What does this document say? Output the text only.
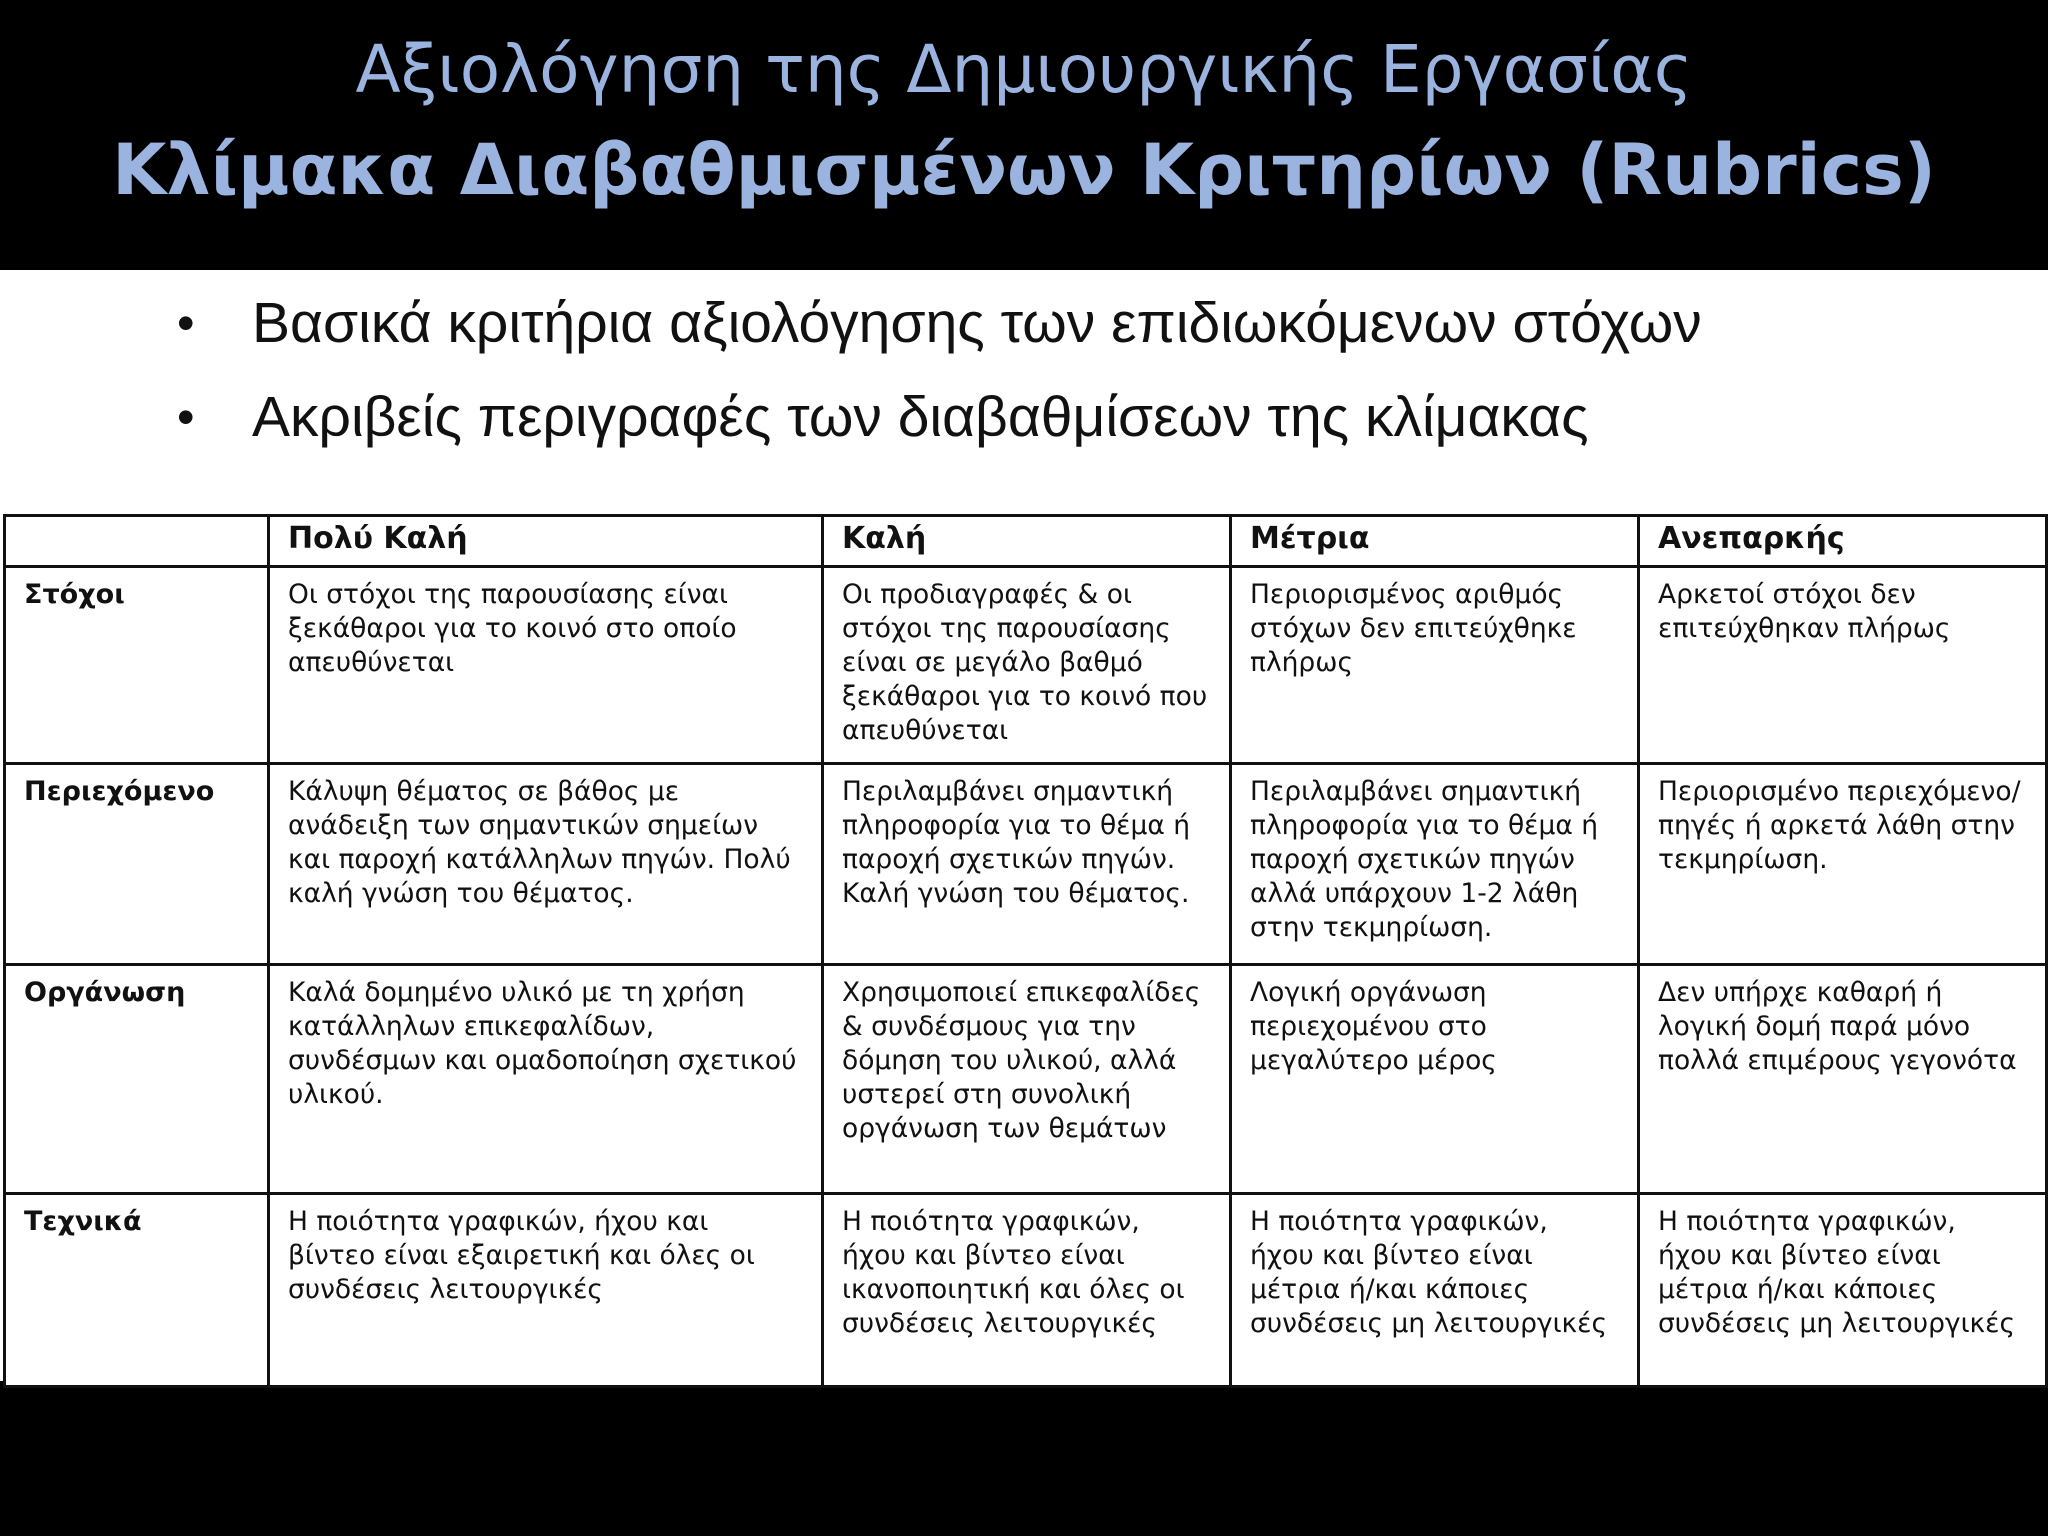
Αξιολόγηση της Δημιουργικής Εργασίας
Κλίμακα Διαβαθμισμένων Κριτηρίων (Rubrics)
• Βασικά κριτήρια αξιολόγησης των επιδιωκόμενων στόχων
• Ακριβείς περιγραφές των διαβαθμίσεων της κλίμακας
	Πολύ Καλή	Καλή	Μέτρια	Ανεπαρκής
Στόχοι	Οι στόχοι της παρουσίασης είναι ξεκάθαροι για το κοινό στο οποίο απευθύνεται	Οι προδιαγραφές & οι στόχοι της παρουσίασης είναι σε μεγάλο βαθμό ξεκάθαροι για το κοινό που απευθύνεται	Περιορισμένος αριθμός στόχων δεν επιτεύχθηκε πλήρως	Αρκετοί στόχοι δεν επιτεύχθηκαν πλήρως
Περιεχόμενο	Κάλυψη θέματος σε βάθος με ανάδειξη των σημαντικών σημείων και παροχή κατάλληλων πηγών. Πολύ καλή γνώση του θέματος.	Περιλαμβάνει σημαντική πληροφορία για το θέμα ή παροχή σχετικών πηγών. Καλή γνώση του θέματος.	Περιλαμβάνει σημαντική πληροφορία για το θέμα ή παροχή σχετικών πηγών αλλά υπάρχουν 1-2 λάθη στην τεκμηρίωση.	Περιορισμένο περιεχόμενο/πηγές ή αρκετά λάθη στην τεκμηρίωση.
Οργάνωση	Καλά δομημένο υλικό με τη χρήση κατάλληλων επικεφαλίδων, συνδέσμων και ομαδοποίηση σχετικού υλικού.	Χρησιμοποιεί επικεφαλίδες & συνδέσμους για την δόμηση του υλικού, αλλά υστερεί στη συνολική οργάνωση των θεμάτων	Λογική οργάνωση περιεχομένου στο μεγαλύτερο μέρος	Δεν υπήρχε καθαρή ή λογική δομή παρά μόνο πολλά επιμέρους γεγονότα
Τεχνικά	Η ποιότητα γραφικών, ήχου και βίντεο είναι εξαιρετική και όλες οι συνδέσεις λειτουργικές	Η ποιότητα γραφικών, ήχου και βίντεο είναι ικανοποιητική και όλες οι συνδέσεις λειτουργικές	Η ποιότητα γραφικών, ήχου και βίντεο είναι μέτρια ή/και κάποιες συνδέσεις μη λειτουργικές	Η ποιότητα γραφικών, ήχου και βίντεο είναι μέτρια ή/και κάποιες συνδέσεις μη λειτουργικές
